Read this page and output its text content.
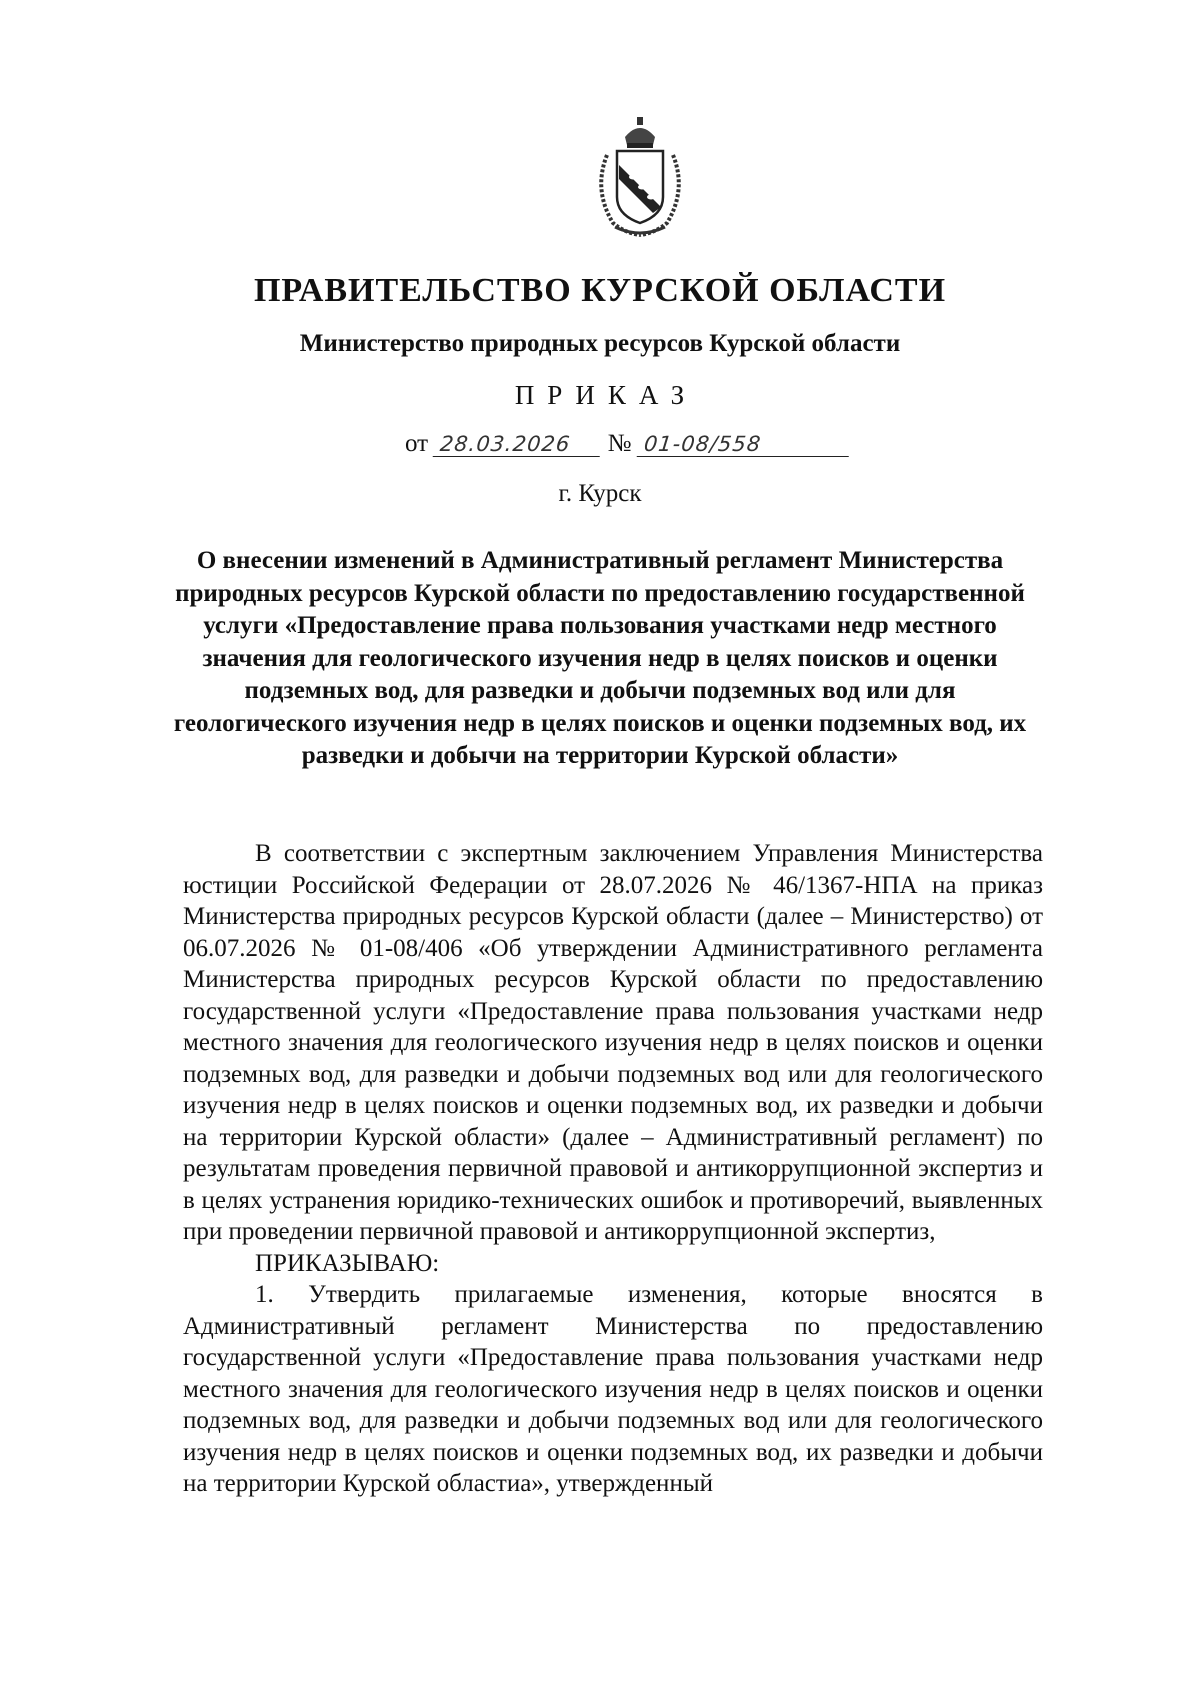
ПРАВИТЕЛЬСТВО КУРСКОЙ ОБЛАСТИ
Министерство природных ресурсов Курской области
ПРИКАЗ
от 28.03.2026 № 01-08/558
г. Курск

О внесении изменений в Административный регламент Министерства природных ресурсов Курской области по предоставлению государственной услуги «Предоставление права пользования участками недр местного значения для геологического изучения недр в целях поисков и оценки подземных вод, для разведки и добычи подземных вод или для геологического изучения недр в целях поисков и оценки подземных вод, их разведки и добычи на территории Курской области»

В соответствии с экспертным заключением Управления Министерства юстиции Российской Федерации от 28.07.2026 № 46/1367-НПА на приказ Министерства природных ресурсов Курской области (далее – Министерство) от 06.07.2026 № 01-08/406 «Об утверждении Административного регламента Министерства природных ресурсов Курской области по предоставлению государственной услуги «Предоставление права пользования участками недр местного значения для геологического изучения недр в целях поисков и оценки подземных вод, для разведки и добычи подземных вод или для геологического изучения недр в целях поисков и оценки подземных вод, их разведки и добычи на территории Курской области» (далее – Административный регламент) по результатам проведения первичной правовой и антикоррупционной экспертиз и в целях устранения юридико-технических ошибок и противоречий, выявленных при проведении первичной правовой и антикоррупционной экспертиз,

ПРИКАЗЫВАЮ:

1. Утвердить прилагаемые изменения, которые вносятся в Административный регламент Министерства по предоставлению государственной услуги «Предоставление права пользования участками недр местного значения для геологического изучения недр в целях поисков и оценки подземных вод, для разведки и добычи подземных вод или для геологического изучения недр в целях поисков и оценки подземных вод, их разведки и добычи на территории Курской областиа», утвержденный
